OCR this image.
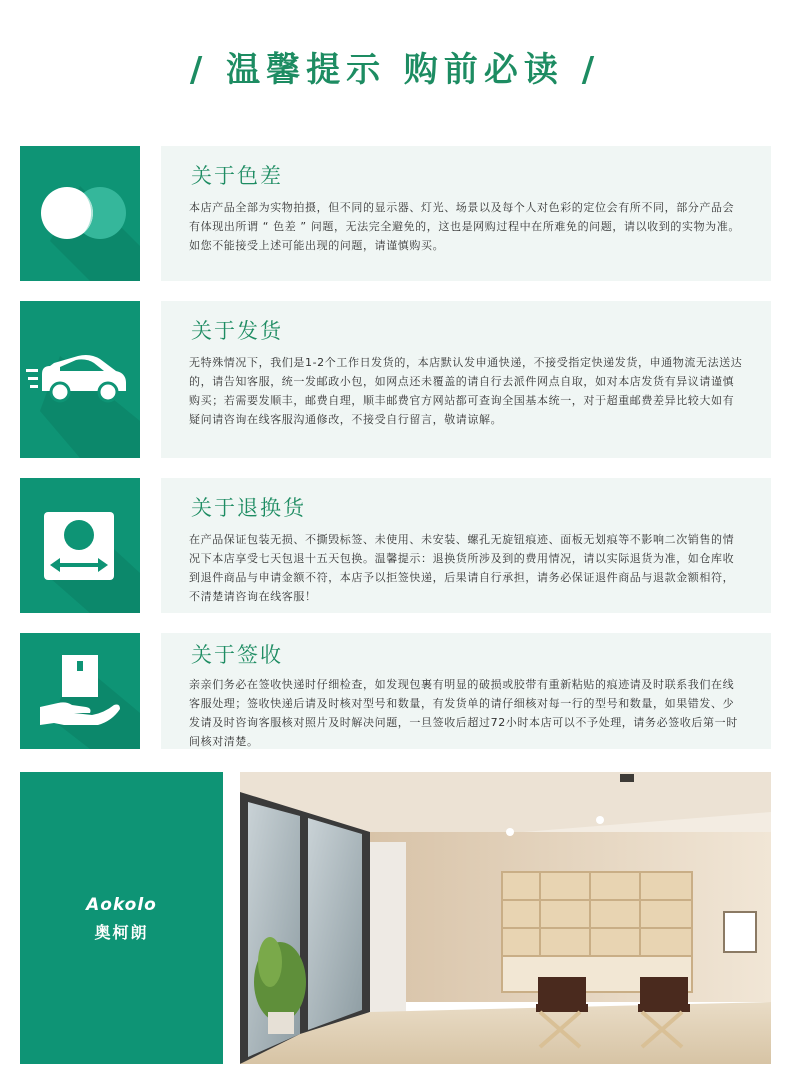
/ 温馨提示 购前必读 /
关于色差
本店产品全部为实物拍摄，但不同的显示器、灯光、场景以及每个人对色彩的定位会有所不同，部分产品会有体现出所谓 “ 色差 ” 问题，无法完全避免的，这也是网购过程中在所难免的问题，请以收到的实物为准。如您不能接受上述可能出现的问题，请谨慎购买。
关于发货
无特殊情况下，我们是1-2个工作日发货的，本店默认发申通快递，不接受指定快递发货，申通物流无法送达的，请告知客服，统一发邮政小包，如网点还未覆盖的请自行去派件网点自取，如对本店发货有异议请谨慎购买；若需要发顺丰，邮费自理，顺丰邮费官方网站都可查询全国基本统一，对于超重邮费差异比较大如有疑问请咨询在线客服沟通修改，不接受自行留言，敬请谅解。
关于退换货
在产品保证包装无损、不撕毁标签、未使用、未安装、螺孔无旋钮痕迹、面板无划痕等不影响二次销售的情况下本店享受七天包退十五天包换。温馨提示：退换货所涉及到的费用情况，请以实际退货为准，如仓库收到退件商品与申请金额不符，本店予以拒签快递，后果请自行承担，请务必保证退件商品与退款金额相符，不清楚请咨询在线客服！
关于签收
亲亲们务必在签收快递时仔细检查，如发现包裹有明显的破损或胶带有重新粘贴的痕迹请及时联系我们在线客服处理；签收快递后请及时核对型号和数量，有发货单的请仔细核对每一行的型号和数量，如果错发、少发请及时咨询客服核对照片及时解决问题，一旦签收后超过72小时本店可以不予处理，请务必签收后第一时间核对清楚。
Aokolo
奥柯朗
